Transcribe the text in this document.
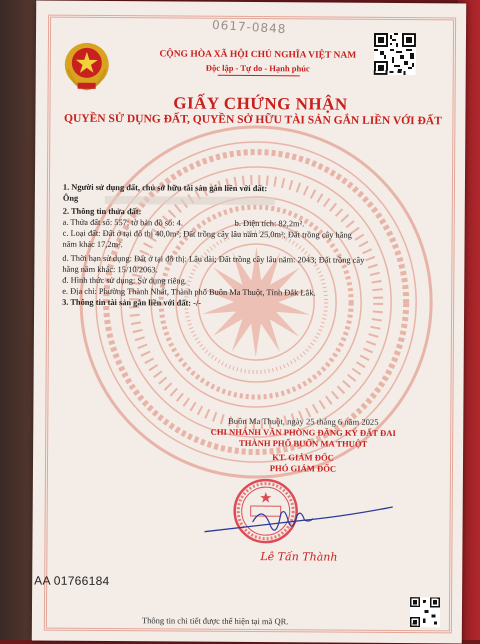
0617-0848
CỘNG HÒA XÃ HỘI CHỦ NGHĨA VIỆT NAM
Độc lập - Tự do - Hạnh phúc
GIẤY CHỨNG NHẬN
QUYỀN SỬ DỤNG ĐẤT, QUYỀN SỞ HỮU TÀI SẢN GẮN LIỀN VỚI ĐẤT
1. Người sử dụng đất, chủ sở hữu tài sản gắn liền với đất:
Ông
2. Thông tin thửa đất:
a. Thửa đất số: 557; tờ bản đồ số: 4.	b. Diện tích: 82,2m².
c. Loại đất: Đất ở tại đô thị 40,0m²; Đất trồng cây lâu năm 25,0m²; Đất trồng cây hằng
năm khác 17,2m².
d. Thời hạn sử dụng: Đất ở tại đô thị: Lâu dài; Đất trồng cây lâu năm: 2043; Đất trồng cây
hằng năm khác: 15/10/2063.
đ. Hình thức sử dụng: Sử dụng riêng.
e. Địa chỉ: Phường Thành Nhất, Thành phố Buôn Ma Thuột, Tỉnh Đắk Lắk.
3. Thông tin tài sản gắn liền với đất: -/-
Buôn Ma Thuột, ngày 25 tháng 6 năm 2025
CHI NHÁNH VĂN PHÒNG ĐĂNG KÝ ĐẤT ĐAI
THÀNH PHỐ BUÔN MA THUỘT
KT. GIÁM ĐỐC
PHÓ GIÁM ĐỐC
Lê Tấn Thành
AA 01766184
Thông tin chi tiết được thể hiện tại mã QR.
